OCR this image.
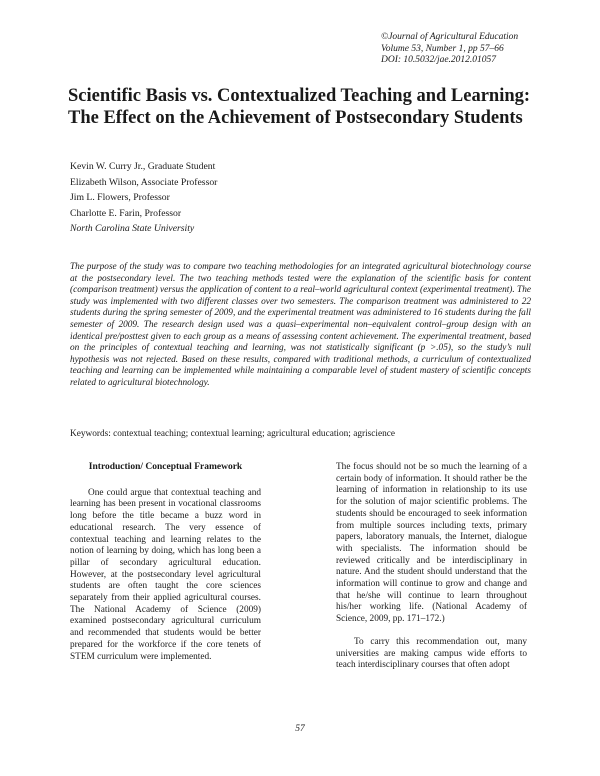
©Journal of Agricultural Education
Volume 53, Number 1, pp 57–66
DOI: 10.5032/jae.2012.01057
Scientific Basis vs. Contextualized Teaching and Learning: The Effect on the Achievement of Postsecondary Students
Kevin W. Curry Jr., Graduate Student
Elizabeth Wilson, Associate Professor
Jim L. Flowers, Professor
Charlotte E. Farin, Professor
North Carolina State University

The purpose of the study was to compare two teaching methodologies for an integrated agricultural biotechnology course at the postsecondary level. The two teaching methods tested were the explanation of the scientific basis for content (comparison treatment) versus the application of content to a real–world agricultural context (experimental treatment). The study was implemented with two different classes over two semesters. The comparison treatment was administered to 22 students during the spring semester of 2009, and the experimental treatment was administered to 16 students during the fall semester of 2009. The research design used was a quasi–experimental non–equivalent control–group design with an identical pre/posttest given to each group as a means of assessing content achievement. The experimental treatment, based on the principles of contextual teaching and learning, was not statistically significant (p >.05), so the study’s null hypothesis was not rejected. Based on these results, compared with traditional methods, a curriculum of contextualized teaching and learning can be implemented while maintaining a comparable level of student mastery of scientific concepts related to agricultural biotechnology.

Keywords: contextual teaching; contextual learning; agricultural education; agriscience

Introduction/ Conceptual Framework

One could argue that contextual teaching and learning has been present in vocational classrooms long before the title became a buzz word in educational research. The very essence of contextual teaching and learning relates to the notion of learning by doing, which has long been a pillar of secondary agricultural education. However, at the postsecondary level agricultural students are often taught the core sciences separately from their applied agricultural courses. The National Academy of Science (2009) examined postsecondary agricultural curriculum and recommended that students would be better prepared for the workforce if the core tenets of STEM curriculum were implemented.

The focus should not be so much the learning of a certain body of information. It should rather be the learning of information in relationship to its use for the solution of major scientific problems. The students should be encouraged to seek information from multiple sources including texts, primary papers, laboratory manuals, the Internet, dialogue with specialists. The information should be reviewed critically and be interdisciplinary in nature. And the student should understand that the information will continue to grow and change and that he/she will continue to learn throughout his/her working life. (National Academy of Science, 2009, pp. 171–172.)

To carry this recommendation out, many universities are making campus wide efforts to teach interdisciplinary courses that often adopt

57
